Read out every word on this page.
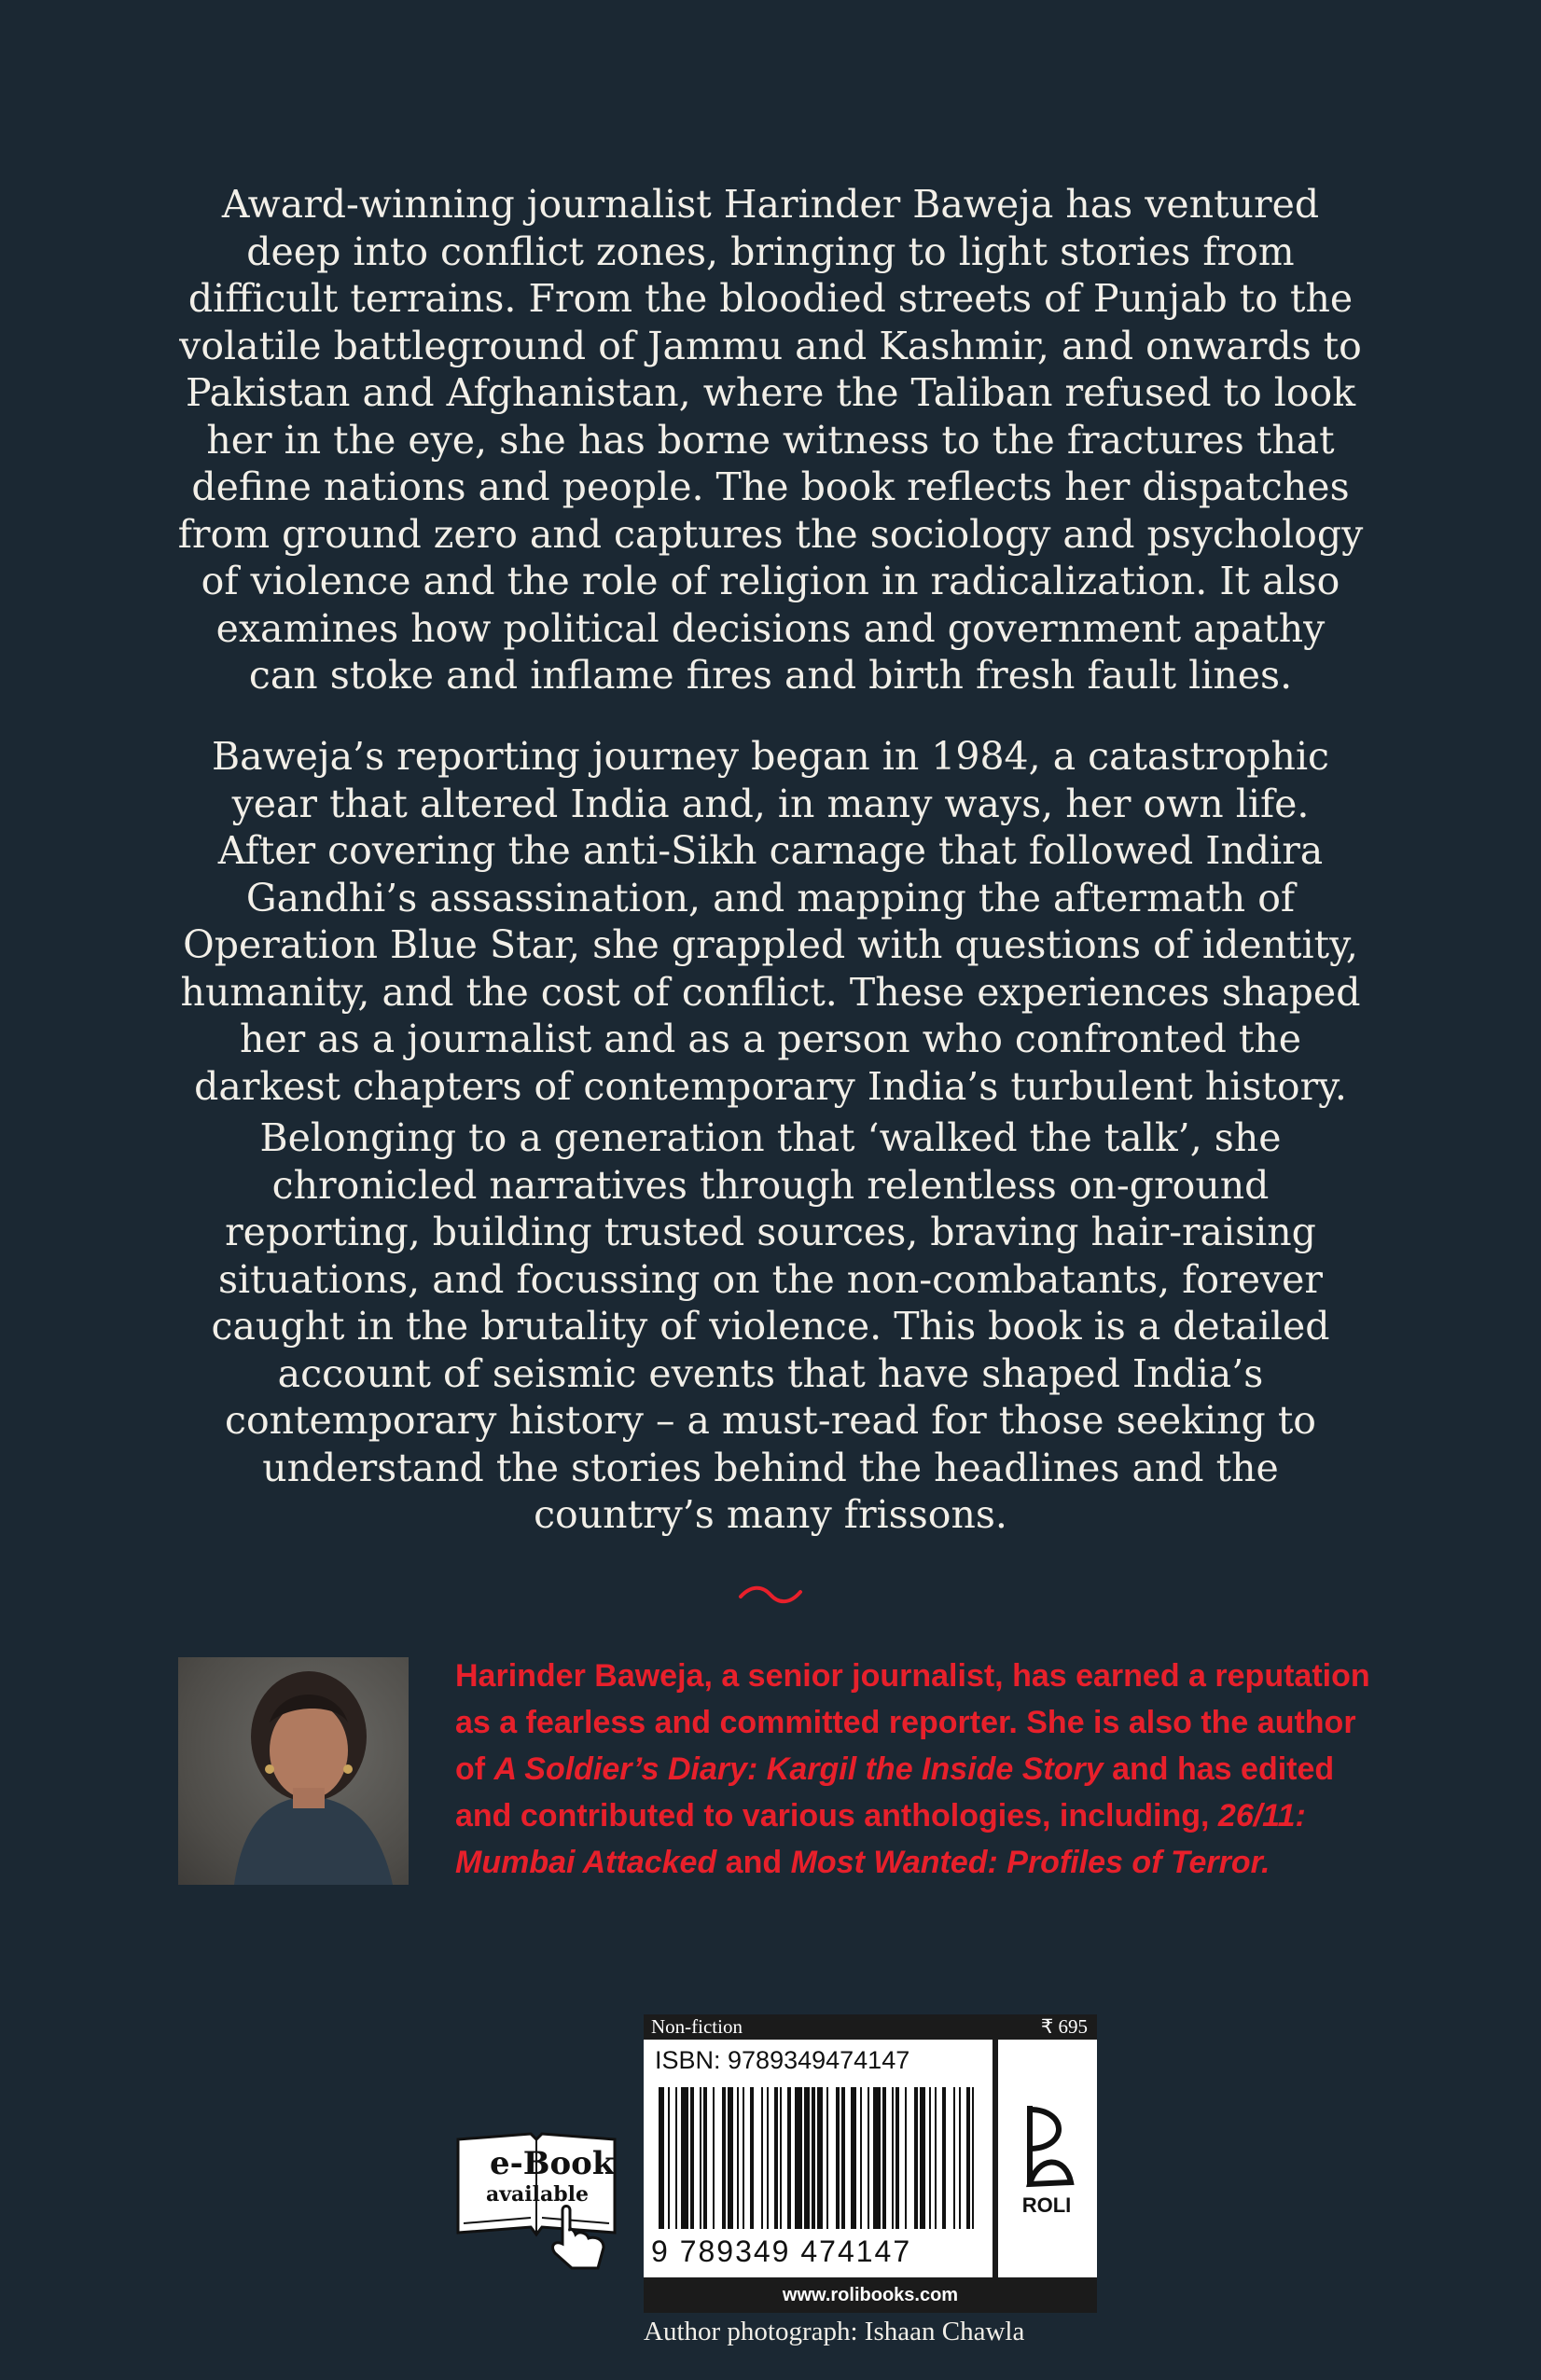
Award-winning journalist Harinder Baweja has ventured deep into conflict zones, bringing to light stories from difficult terrains. From the bloodied streets of Punjab to the volatile battleground of Jammu and Kashmir, and onwards to Pakistan and Afghanistan, where the Taliban refused to look her in the eye, she has borne witness to the fractures that define nations and people. The book reflects her dispatches from ground zero and captures the sociology and psychology of violence and the role of religion in radicalization. It also examines how political decisions and government apathy can stoke and inflame fires and birth fresh fault lines.

Baweja’s reporting journey began in 1984, a catastrophic year that altered India and, in many ways, her own life. After covering the anti-Sikh carnage that followed Indira Gandhi’s assassination, and mapping the aftermath of Operation Blue Star, she grappled with questions of identity, humanity, and the cost of conflict. These experiences shaped her as a journalist and as a person who confronted the darkest chapters of contemporary India’s turbulent history.

Belonging to a generation that ‘walked the talk’, she chronicled narratives through relentless on-ground reporting, building trusted sources, braving hair-raising situations, and focussing on the non-combatants, forever caught in the brutality of violence. This book is a detailed account of seismic events that have shaped India’s contemporary history – a must-read for those seeking to understand the stories behind the headlines and the country’s many frissons.

Harinder Baweja, a senior journalist, has earned a reputation as a fearless and committed reporter. She is also the author of A Soldier’s Diary: Kargil the Inside Story and has edited and contributed to various anthologies, including, 26/11: Mumbai Attacked and Most Wanted: Profiles of Terror.

e-Book
available
Non-fiction	₹ 695
ISBN: 9789349474147
9 789349 474147
ROLI
www.rolibooks.com
Author photograph: Ishaan Chawla
